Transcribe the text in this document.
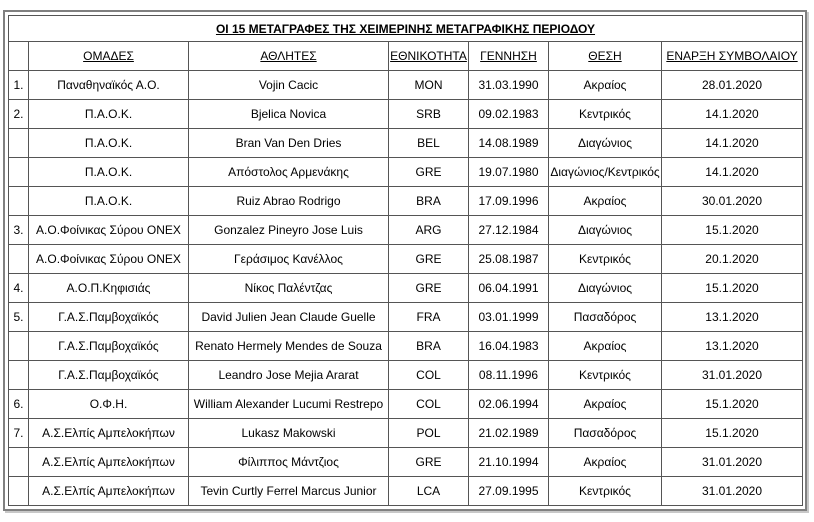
ΟΙ 15 ΜΕΤΑΓΡΑΦΕΣ ΤΗΣ ΧΕΙΜΕΡΙΝΗΣ ΜΕΤΑΓΡΑΦΙΚΗΣ ΠΕΡΙΟΔΟΥ						
	ΟΜΑΔΕΣ	ΑΘΛΗΤΕΣ	ΕΘΝΙΚΟΤΗΤΑ	ΓΕΝΝΗΣΗ	ΘΕΣΗ	ΕΝΑΡΞΗ ΣΥΜΒΟΛΑΙΟΥ
1.	Παναθηναϊκός Α.Ο.	Vojin Cacic	MON	31.03.1990	Ακραίος	28.01.2020
2.	Π.Α.Ο.Κ.	Bjelica Novica	SRB	09.02.1983	Κεντρικός	14.1.2020
	Π.Α.Ο.Κ.	Bran Van Den Dries	BEL	14.08.1989	Διαγώνιος	14.1.2020
	Π.Α.Ο.Κ.	Απόστολος Αρμενάκης	GRE	19.07.1980	Διαγώνιος/Κεντρικός	14.1.2020
	Π.Α.Ο.Κ.	Ruiz Abrao Rodrigo	BRA	17.09.1996	Ακραίος	30.01.2020
3.	Α.Ο.Φοίνικας Σύρου ΟΝΕΧ	Gonzalez Pineyro Jose Luis	ARG	27.12.1984	Διαγώνιος	15.1.2020
	Α.Ο.Φοίνικας Σύρου ΟΝΕΧ	Γεράσιμος Κανέλλος	GRE	25.08.1987	Κεντρικός	20.1.2020
4.	Α.Ο.Π.Κηφισιάς	Νίκος Παλέντζας	GRE	06.04.1991	Διαγώνιος	15.1.2020
5.	Γ.Α.Σ.Παμβοχαϊκός	David Julien Jean Claude Guelle	FRA	03.01.1999	Πασαδόρος	13.1.2020
	Γ.Α.Σ.Παμβοχαϊκός	Renato Hermely Mendes de Souza	BRA	16.04.1983	Ακραίος	13.1.2020
	Γ.Α.Σ.Παμβοχαϊκός	Leandro Jose Mejia Ararat	COL	08.11.1996	Κεντρικός	31.01.2020
6.	Ο.Φ.Η.	William Alexander Lucumi Restrepo	COL	02.06.1994	Ακραίος	15.1.2020
7.	Α.Σ.Ελπίς Αμπελοκήπων	Lukasz Makowski	POL	21.02.1989	Πασαδόρος	15.1.2020
	Α.Σ.Ελπίς Αμπελοκήπων	Φίλιππος Μάντζιος	GRE	21.10.1994	Ακραίος	31.01.2020
	Α.Σ.Ελπίς Αμπελοκήπων	Tevin Curtly Ferrel Marcus Junior	LCA	27.09.1995	Κεντρικός	31.01.2020
